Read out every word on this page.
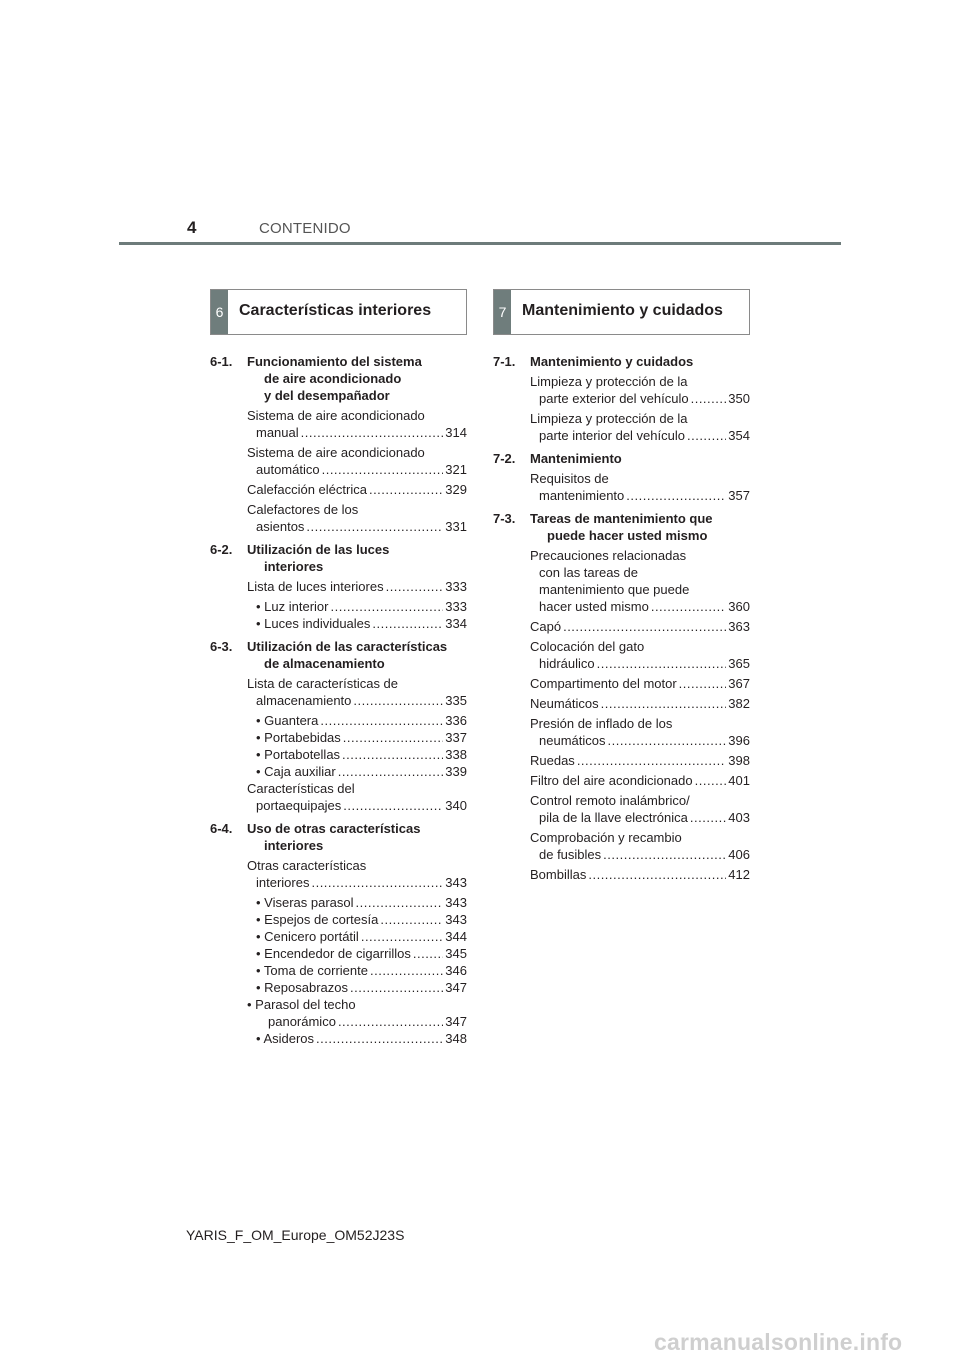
4	CONTENIDO
6 Características interiores
6-1.	Funcionamiento del sistema
de aire acondicionado
y del desempañador
Sistema de aire acondicionado
manual .....	314
Sistema de aire acondicionado
automático .....	321
Calefacción eléctrica .....	329
Calefactores de los
asientos .....	331
6-2.	Utilización de las luces
interiores
Lista de luces interiores .....	333
• Luz interior .....	333
• Luces individuales .....	334
6-3.	Utilización de las características
de almacenamiento
Lista de características de
almacenamiento .....	335
• Guantera .....	336
• Portabebidas .....	337
• Portabotellas .....	338
• Caja auxiliar .....	339
Características del
portaequipajes .....	340
6-4.	Uso de otras características
interiores
Otras características
interiores .....	343
• Viseras parasol .....	343
• Espejos de cortesía .....	343
• Cenicero portátil .....	344
• Encendedor de cigarrillos .....	345
• Toma de corriente .....	346
• Reposabrazos .....	347
• Parasol del techo
panorámico .....	347
• Asideros .....	348
7 Mantenimiento y cuidados
7-1.	Mantenimiento y cuidados
Limpieza y protección de la
parte exterior del vehículo .....	350
Limpieza y protección de la
parte interior del vehículo .....	354
7-2.	Mantenimiento
Requisitos de
mantenimiento .....	357
7-3.	Tareas de mantenimiento que
puede hacer usted mismo
Precauciones relacionadas
con las tareas de
mantenimiento que puede
hacer usted mismo .....	360
Capó .....	363
Colocación del gato
hidráulico .....	365
Compartimento del motor .....	367
Neumáticos .....	382
Presión de inflado de los
neumáticos .....	396
Ruedas .....	398
Filtro del aire acondicionado .....	401
Control remoto inalámbrico/
pila de la llave electrónica .....	403
Comprobación y recambio
de fusibles .....	406
Bombillas .....	412
YARIS_F_OM_Europe_OM52J23S
carmanualsonline.info
